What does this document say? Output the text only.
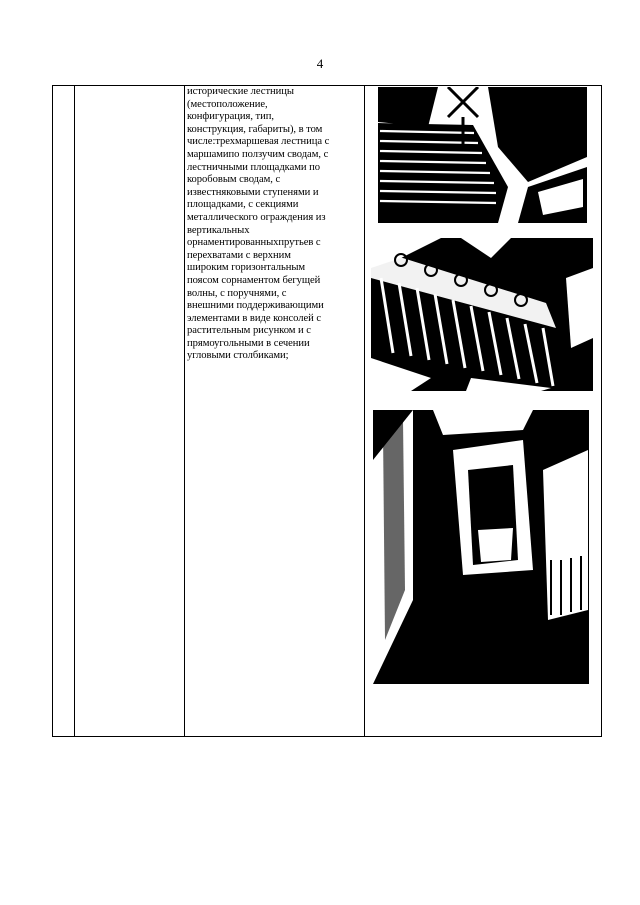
4
исторические лестницы
(местоположение,
конфигурация, тип,
конструкция, габариты), в том
числе:трехмаршевая лестница с
маршамипо ползучим сводам, с
лестничными площадками по
коробовым сводам, с
известняковыми ступенями и
площадками, с секциями
металлического ограждения из
вертикальных
орнаментированныхпрутьев с
перехватами с верхним
широким горизонтальным
поясом сорнаментом бегущей
волны, с поручнями, с
внешними поддерживающими
элементами в виде консолей с
растительным рисунком и с
прямоугольными в сечении
угловыми столбиками;
